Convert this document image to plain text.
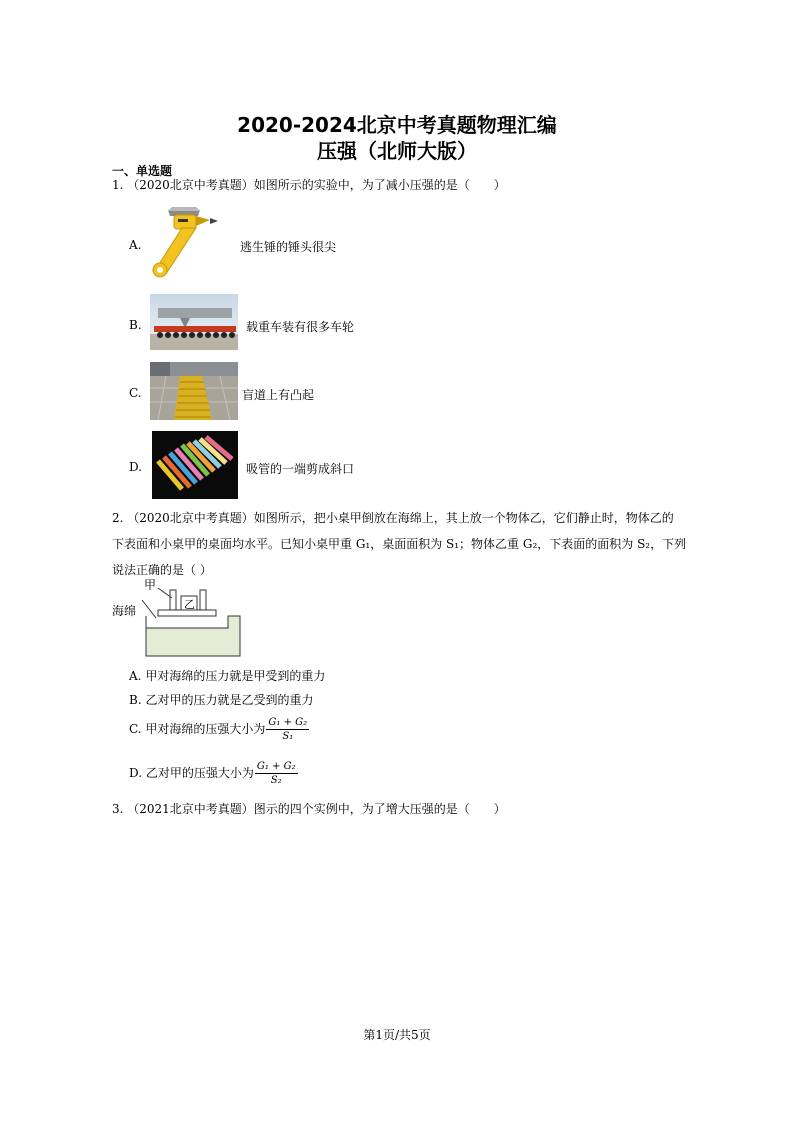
2020-2024北京中考真题物理汇编
压强（北师大版）
一、单选题
1. （2020北京中考真题）如图所示的实验中，为了减小压强的是（　　）
A.	逃生锤的锤头很尖
B.	载重车装有很多车轮
C.	盲道上有凸起
D.	吸管的一端剪成斜口
2. （2020北京中考真题）如图所示，把小桌甲倒放在海绵上，其上放一个物体乙，它们静止时，物体乙的
下表面和小桌甲的桌面均水平。已知小桌甲重 G₁，桌面面积为 S₁；物体乙重 G₂，下表面的面积为 S₂，下列
说法正确的是（ ）
甲
乙
海绵
A. 甲对海绵的压力就是甲受到的重力
B. 乙对甲的压力就是乙受到的重力
C. 甲对海绵的压强大小为 $\frac{\text{G₁ + G₂}}{\text{S₁}}$
D. 乙对甲的压强大小为 $\frac{\text{G₁ + G₂}}{\text{S₂}}$
3. （2021北京中考真题）图示的四个实例中，为了增大压强的是（　　）
第1页/共5页
